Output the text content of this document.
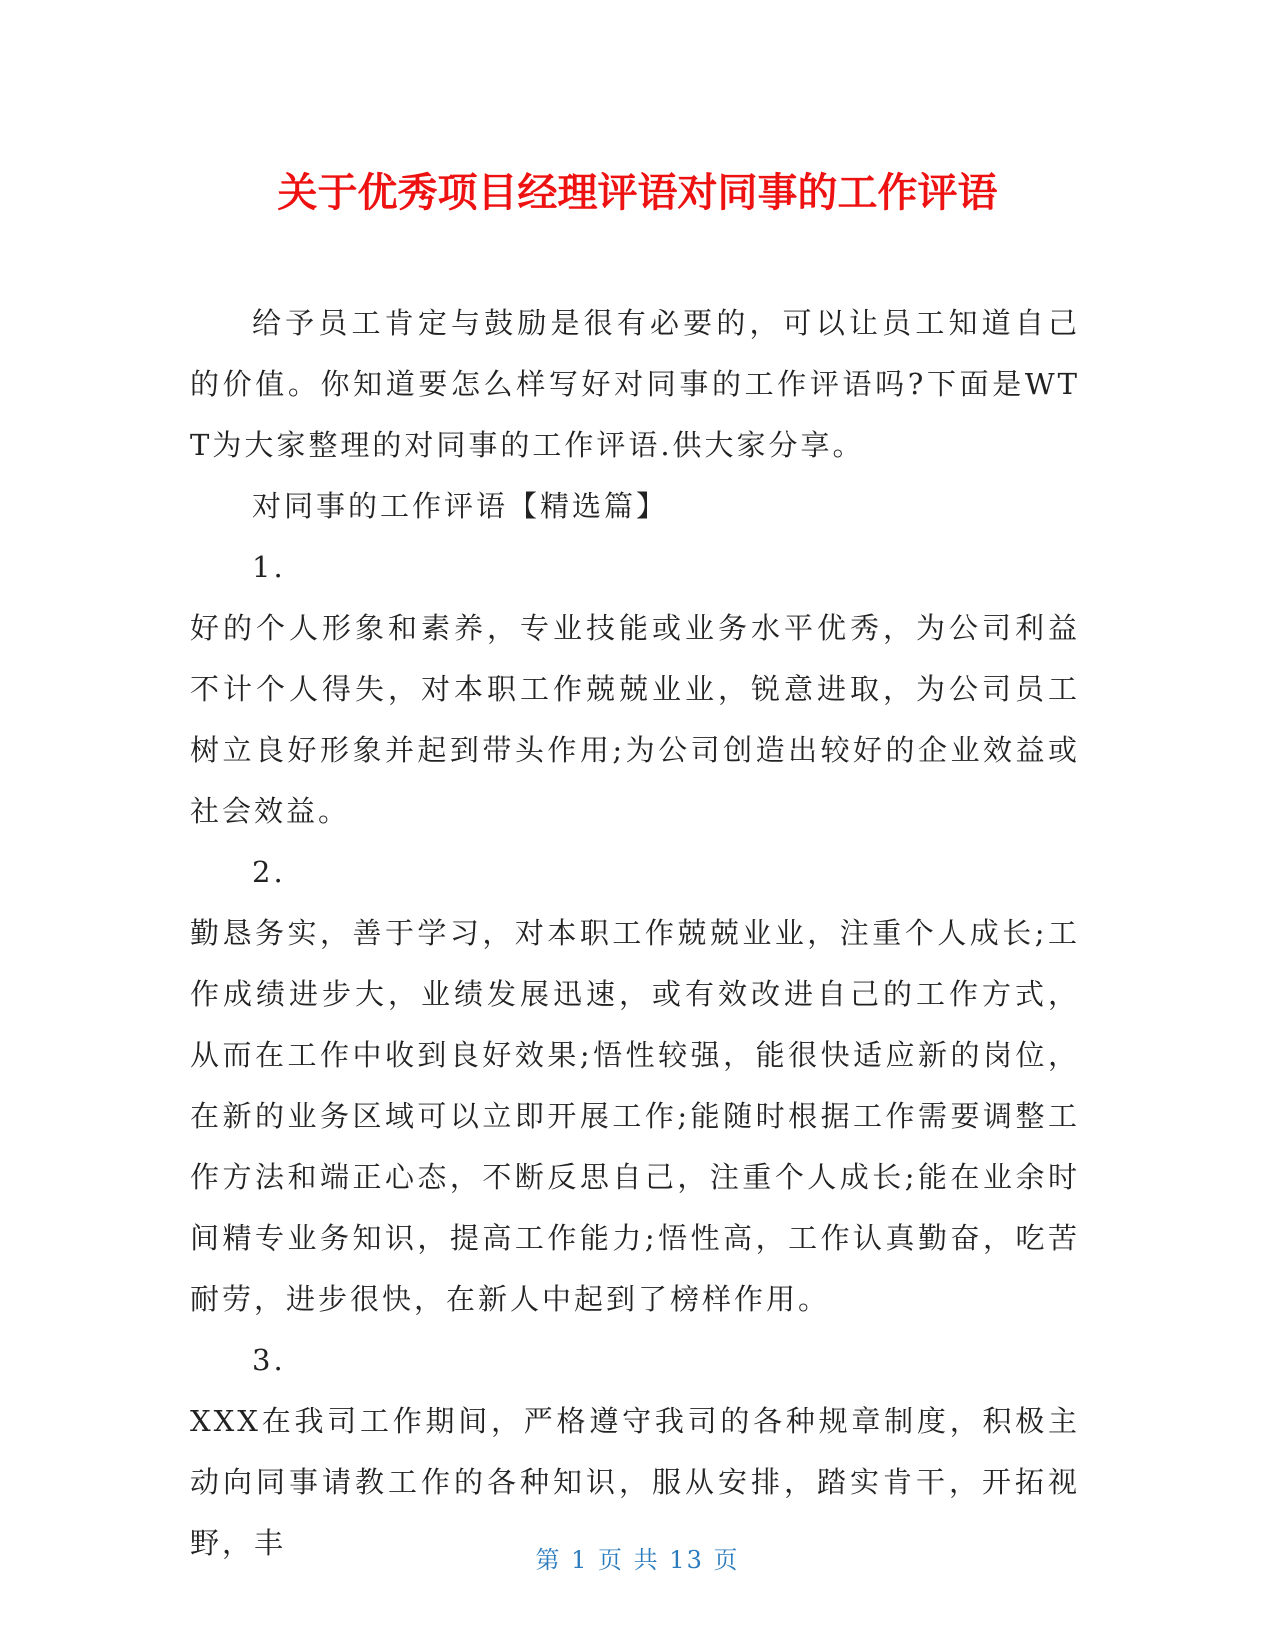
关于优秀项目经理评语对同事的工作评语

给予员工肯定与鼓励是很有必要的，可以让员工知道自己的价值。你知道要怎么样写好对同事的工作评语吗?下面是WTT为大家整理的对同事的工作评语.供大家分享。

对同事的工作评语【精选篇】

1.

好的个人形象和素养，专业技能或业务水平优秀，为公司利益不计个人得失，对本职工作兢兢业业，锐意进取，为公司员工树立良好形象并起到带头作用;为公司创造出较好的企业效益或社会效益。

2.

勤恳务实，善于学习，对本职工作兢兢业业，注重个人成长;工作成绩进步大，业绩发展迅速，或有效改进自己的工作方式，从而在工作中收到良好效果;悟性较强，能很快适应新的岗位，在新的业务区域可以立即开展工作;能随时根据工作需要调整工作方法和端正心态，不断反思自己，注重个人成长;能在业余时间精专业务知识，提高工作能力;悟性高，工作认真勤奋，吃苦耐劳，进步很快，在新人中起到了榜样作用。

3.

XXX在我司工作期间，严格遵守我司的各种规章制度，积极主动向同事请教工作的各种知识，服从安排，踏实肯干，开拓视野，丰	第 1 页 共 13 页
